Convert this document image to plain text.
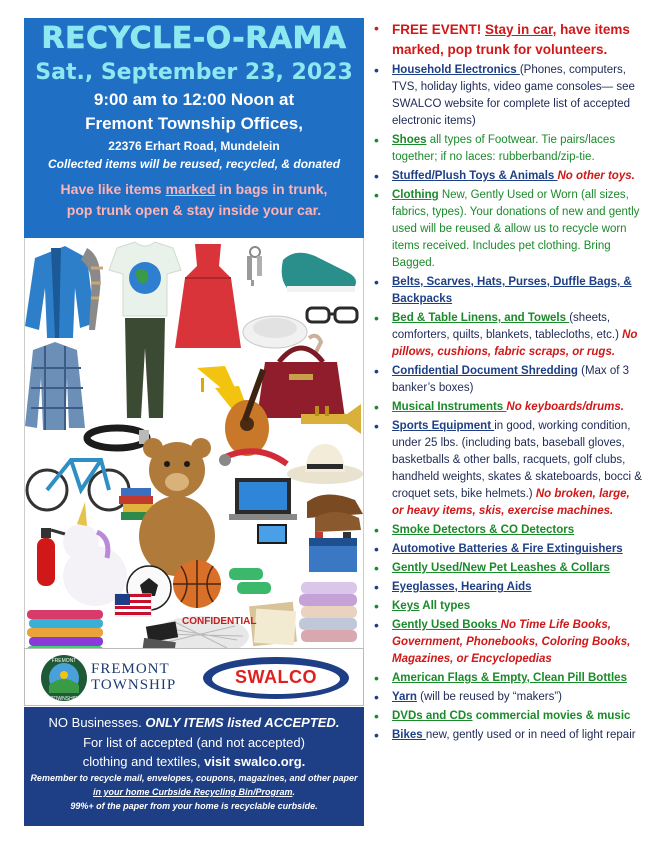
RECYCLE-O-RAMA
Sat., September 23, 2023
9:00 am to 12:00 Noon at
Fremont Township Offices,
22376 Erhart Road, Mundelein
Collected items will be reused, recycled, & donated
Have like items marked in bags in trunk,
pop trunk open & stay inside your car.
CONFIDENTIAL
FREMONT
TOWNSHIP
FREMONT
TOWNSHIP	SWALCO
NO Businesses. ONLY ITEMS listed ACCEPTED.
For list of accepted (and not accepted)
clothing and textiles, visit swalco.org.
Remember to recycle mail, envelopes, coupons, magazines, and other paper in your home Curbside Recycling Bin/Program.
99%+ of the paper from your home is recyclable curbside.
• FREE EVENT! Stay in car, have items marked, pop trunk for volunteers.
• Household Electronics (Phones, computers, TVS, holiday lights, video game consoles— see SWALCO website for complete list of accepted electronic items)
• Shoes all types of Footwear. Tie pairs/laces together; if no laces: rubberband/zip-tie.
• Stuffed/Plush Toys & Animals No other toys.
• Clothing New, Gently Used or Worn (all sizes, fabrics, types). Your donations of new and gently used will be reused & allow us to recycle worn items received. Includes pet clothing. Bring Bagged.
• Belts, Scarves, Hats, Purses, Duffle Bags, & Backpacks
• Bed & Table Linens, and Towels (sheets, comforters, quilts, blankets, tablecloths, etc.) No pillows, cushions, fabric scraps, or rugs.
• Confidential Document Shredding (Max of 3 banker’s boxes)
• Musical Instruments No keyboards/drums.
• Sports Equipment in good, working condition, under 25 lbs. (including bats, baseball gloves, basketballs & other balls, racquets, golf clubs, handheld weights, skates & skateboards, bocci & croquet sets, bike helmets.) No broken, large, or heavy items, skis, exercise machines.
• Smoke Detectors & CO Detectors
• Automotive Batteries & Fire Extinguishers
• Gently Used/New Pet Leashes & Collars
• Eyeglasses, Hearing Aids
• Keys All types
• Gently Used Books No Time Life Books, Government, Phonebooks, Coloring Books, Magazines, or Encyclopedias
• American Flags & Empty, Clean Pill Bottles
• Yarn (will be reused by “makers”)
• DVDs and CDs commercial movies & music
• Bikes new, gently used or in need of light repair
